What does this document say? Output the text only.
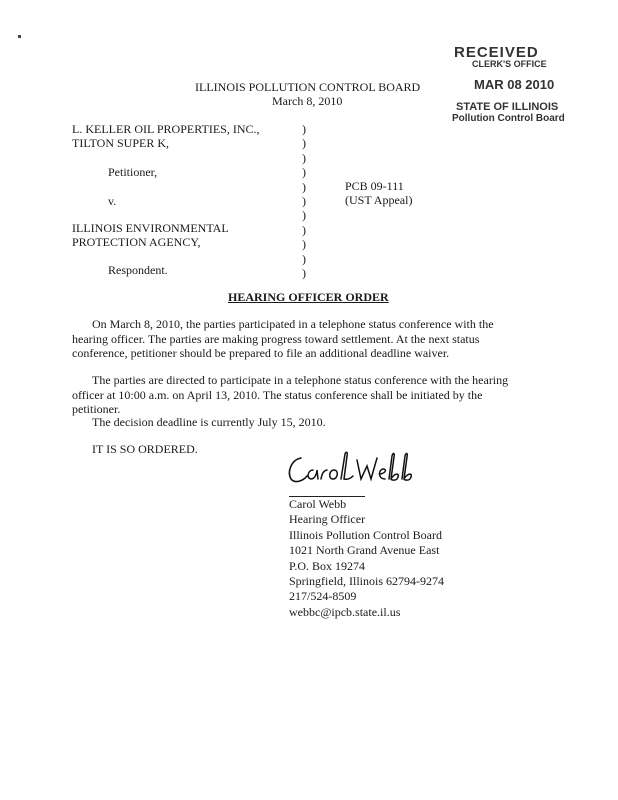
RECEIVED
CLERK'S OFFICE
MAR 08 2010
STATE OF ILLINOIS
Pollution Control Board
ILLINOIS POLLUTION CONTROL BOARD
March 8, 2010
L. KELLER OIL PROPERTIES, INC.,
TILTON SUPER K,
Petitioner,
v.
ILLINOIS ENVIRONMENTAL
PROTECTION AGENCY,
Respondent.
)
)
)
)
)
)
)
)
)
)
)
PCB 09-111
(UST Appeal)
HEARING OFFICER ORDER
On March 8, 2010, the parties participated in a telephone status conference with the hearing officer. The parties are making progress toward settlement. At the next status conference, petitioner should be prepared to file an additional deadline waiver.
The parties are directed to participate in a telephone status conference with the hearing officer at 10:00 a.m. on April 13, 2010. The status conference shall be initiated by the petitioner.
The decision deadline is currently July 15, 2010.
IT IS SO ORDERED.
Carol Webb
Hearing Officer
Illinois Pollution Control Board
1021 North Grand Avenue East
P.O. Box 19274
Springfield, Illinois 62794-9274
217/524-8509
webbc@ipcb.state.il.us
